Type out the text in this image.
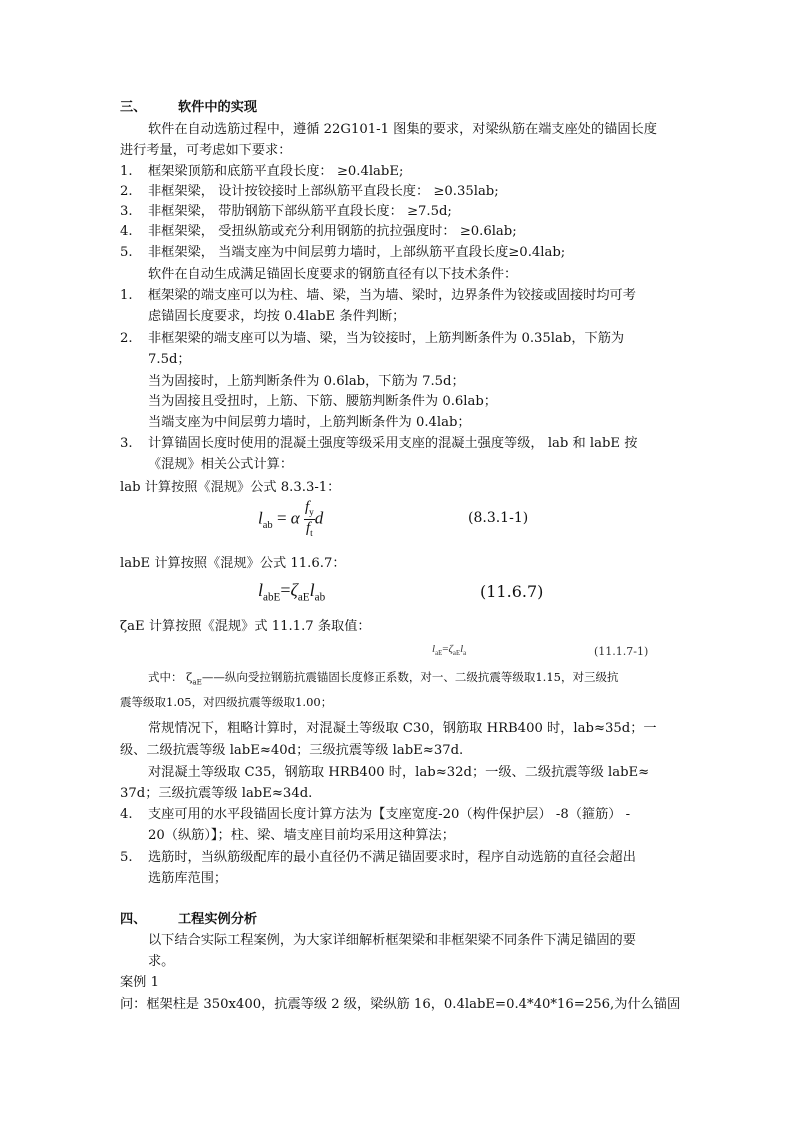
三、 软件中的实现
软件在自动选筋过程中，遵循 22G101-1 图集的要求，对梁纵筋在端支座处的锚固长度
进行考量，可考虑如下要求：
1. 框架梁顶筋和底筋平直段长度： ≥0.4labE;
2. 非框架梁， 设计按铰接时上部纵筋平直段长度： ≥0.35lab;
3. 非框架梁， 带肋钢筋下部纵筋平直段长度： ≥7.5d;
4. 非框架梁， 受扭纵筋或充分利用钢筋的抗拉强度时： ≥0.6lab;
5. 非框架梁， 当端支座为中间层剪力墙时，上部纵筋平直段长度≥0.4lab;
软件在自动生成满足锚固长度要求的钢筋直径有以下技术条件：
1. 框架梁的端支座可以为柱、墙、梁，当为墙、梁时，边界条件为铰接或固接时均可考
虑锚固长度要求，均按 0.4labE 条件判断；
2. 非框架梁的端支座可以为墙、梁，当为铰接时，上筋判断条件为 0.35lab，下筋为
7.5d；
当为固接时，上筋判断条件为 0.6lab，下筋为 7.5d；
当为固接且受扭时，上筋、下筋、腰筋判断条件为 0.6lab；
当端支座为中间层剪力墙时，上筋判断条件为 0.4lab；
3. 计算锚固长度时使用的混凝土强度等级采用支座的混凝土强度等级， lab 和 labE 按
《混规》相关公式计算：
lab 计算按照《混规》公式 8.3.3-1：
$l_{ab} = \alpha \frac{f_y}{f_t}$ d	(8.3.1-1)
labE 计算按照《混规》公式 11.6.7：
$l_{abE}=\zeta_{aE}l_{ab}$	(11.6.7)
ζaE 计算按照《混规》式 11.1.7 条取值：
$l_{aE}=\zeta_{aE}l_a$	(11.1.7-1)
式中： $\zeta_{aE}——$纵向受拉钢筋抗震锚固长度修正系数，对一、二级抗震等级取1.15，对三级抗
震等级取1.05，对四级抗震等级取1.00；
常规情况下，粗略计算时，对混凝土等级取 C30，钢筋取 HRB400 时，lab≈35d；一
级、二级抗震等级 labE≈40d；三级抗震等级 labE≈37d.
对混凝土等级取 C35，钢筋取 HRB400 时，lab≈32d；一级、二级抗震等级 labE≈
37d；三级抗震等级 labE≈34d.
4. 支座可用的水平段锚固长度计算方法为【支座宽度-20（构件保护层） -8（箍筋） -
20（纵筋）】；柱、梁、墙支座目前均采用这种算法；
5. 选筋时，当纵筋级配库的最小直径仍不满足锚固要求时，程序自动选筋的直径会超出
选筋库范围；
四、 工程实例分析
以下结合实际工程案例，为大家详细解析框架梁和非框架梁不同条件下满足锚固的要
求。
案例 1
问：框架柱是 350x400，抗震等级 2 级，梁纵筋 16，0.4labE=0.4*40*16=256,为什么锚固
